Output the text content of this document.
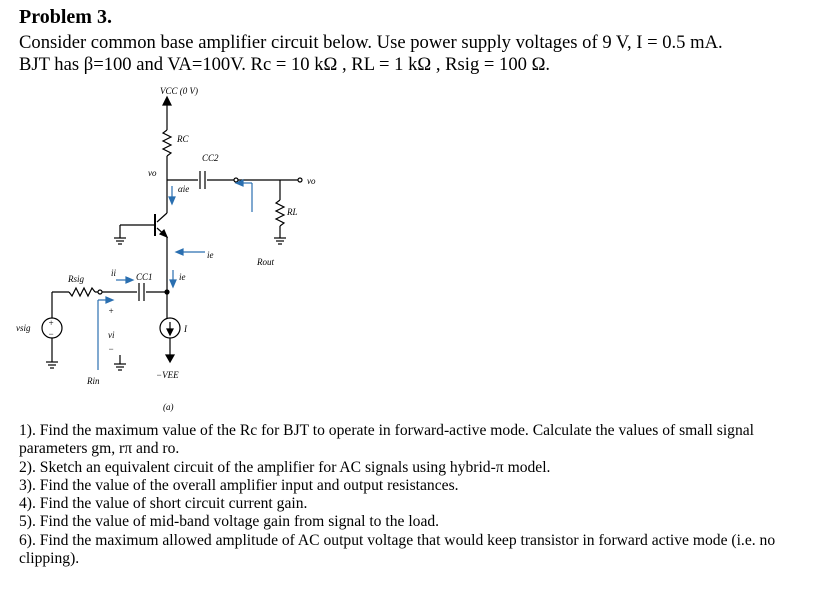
Problem 3.
Consider common base amplifier circuit below. Use power supply voltages of 9 V, I = 0.5 mA.
BJT has β=100 and VA=100V. Rc = 10 kΩ , RL = 1 kΩ , Rsig = 100 Ω.
VCC (0 V)
RC
CC2
vo
vo
αie
RL
Rout
ie
Rsig
ii CC1	ie
vi
+
−
+
−
vsig
Rin
I
−VEE
(a)
1). Find the maximum value of the Rc for BJT to operate in forward-active mode. Calculate the values of small signal parameters gm, rπ and ro.
2). Sketch an equivalent circuit of the amplifier for AC signals using hybrid-π model.
3). Find the value of the overall amplifier input and output resistances.
4). Find the value of short circuit current gain.
5). Find the value of mid-band voltage gain from signal to the load.
6). Find the maximum allowed amplitude of AC output voltage that would keep transistor in forward active mode (i.e. no clipping).
